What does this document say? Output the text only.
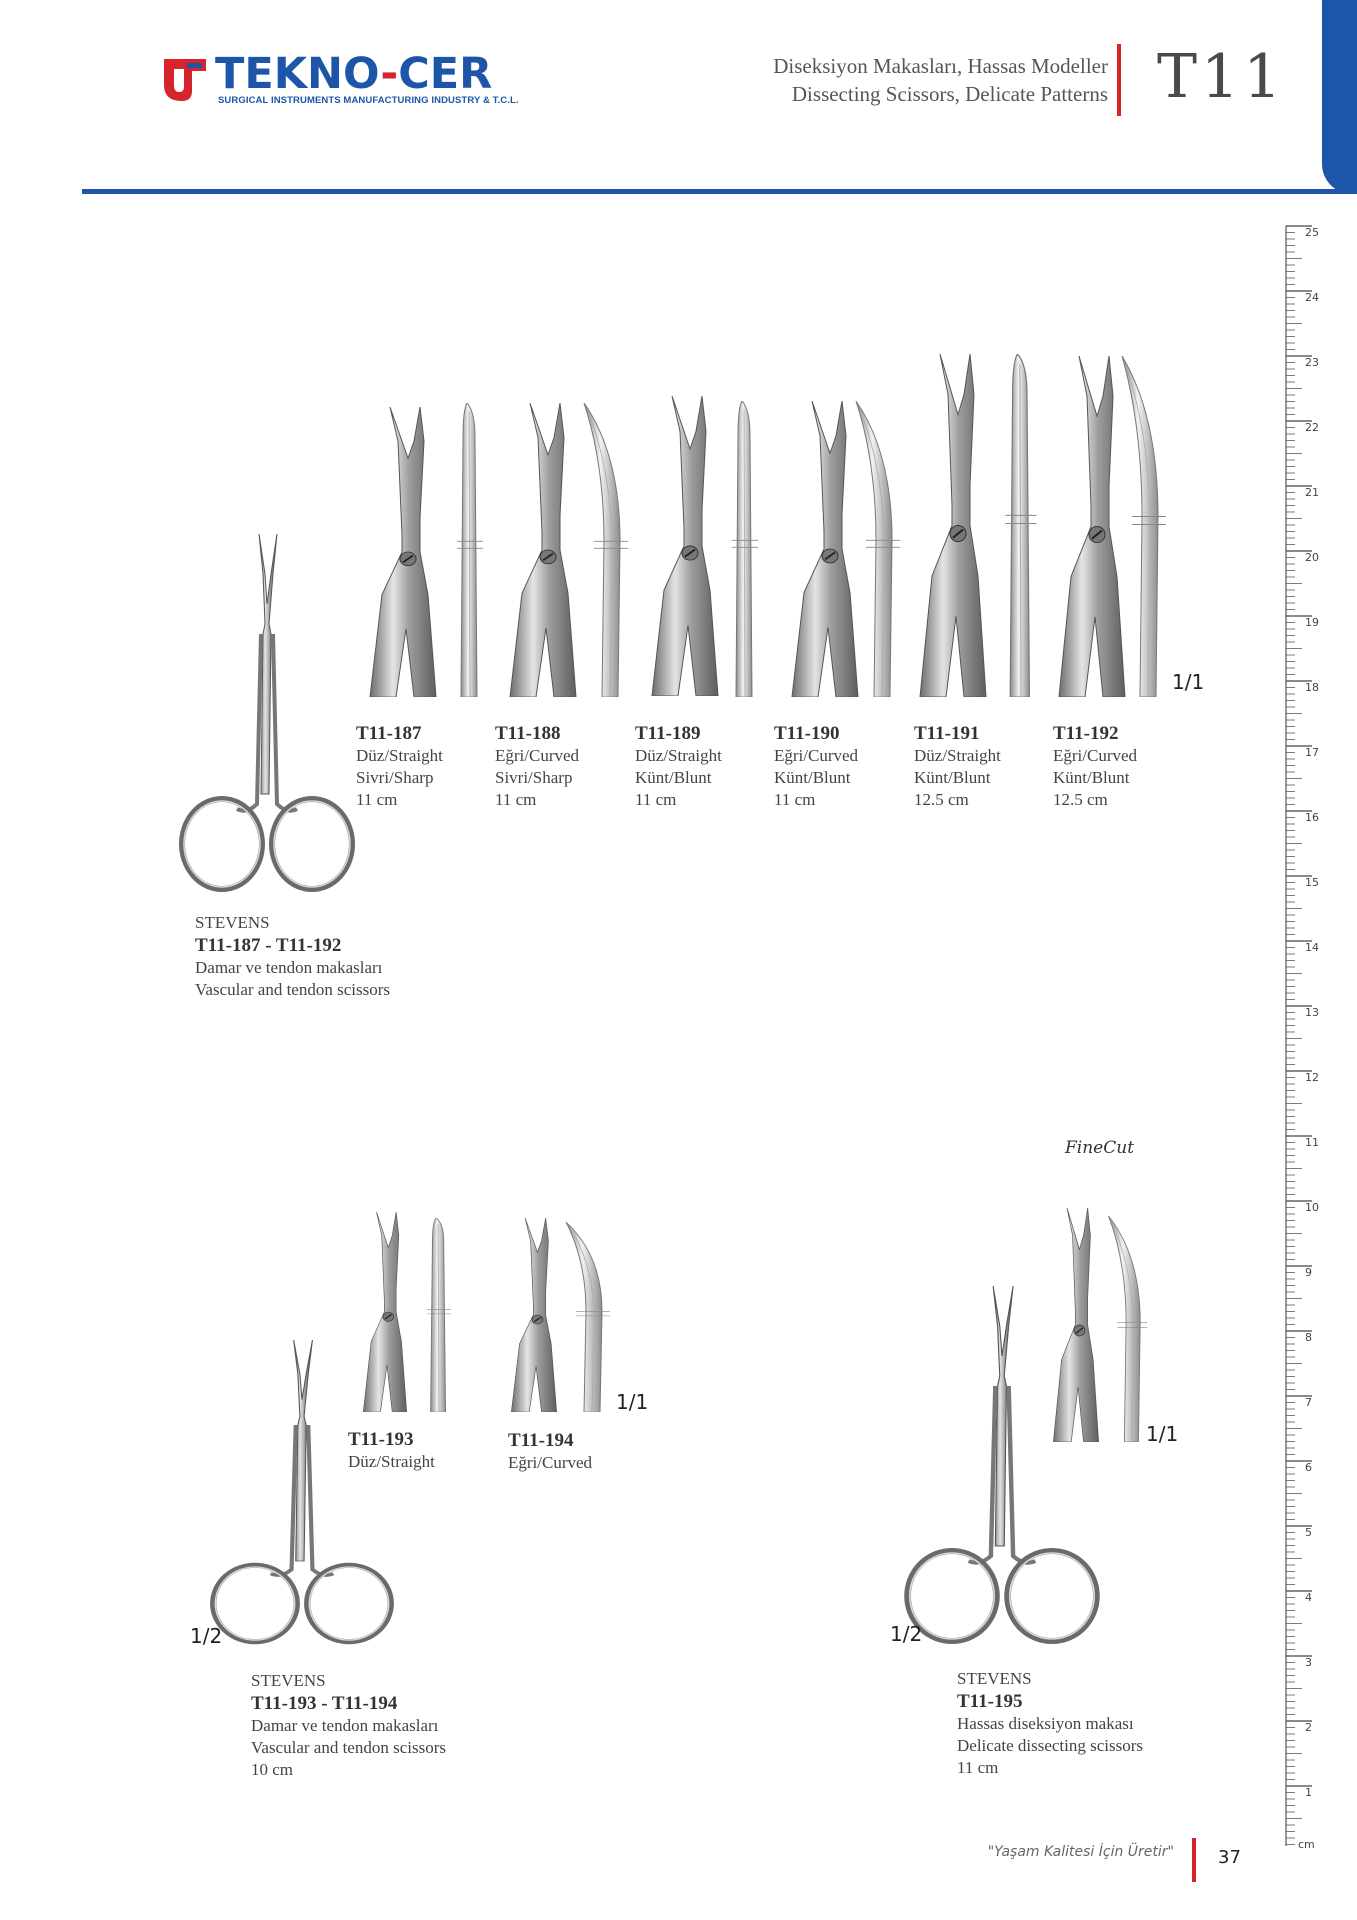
TEKNO-CER
SURGICAL INSTRUMENTS MANUFACTURING INDUSTRY & T.C.L.
Diseksiyon Makasları, Hassas Modeller
Dissecting Scissors, Delicate Patterns T11
1/1
T11-187
Düz/Straight
Sivri/Sharp
11 cm
T11-188
Eğri/Curved
Sivri/Sharp
11 cm
T11-189
Düz/Straight
Künt/Blunt
11 cm
T11-190
Eğri/Curved
Künt/Blunt
11 cm
T11-191
Düz/Straight
Künt/Blunt
12.5 cm
T11-192
Eğri/Curved
Künt/Blunt
12.5 cm
STEVENS
T11-187 - T11-192
Damar ve tendon makasları
Vascular and tendon scissors
1/1
T11-193
Düz/Straight
T11-194
Eğri/Curved
1/2
STEVENS
T11-193 - T11-194
Damar ve tendon makasları
Vascular and tendon scissors
10 cm
FineCut
1/1
1/2
STEVENS
T11-195
Hassas diseksiyon makası
Delicate dissecting scissors
11 cm
25
24
23
22
21
20
19
18
17
16
15
14
13
12
11
10
9
8
7
6
5
4
3
2
1
cm
"Yaşam Kalitesi İçin Üretir" 37
